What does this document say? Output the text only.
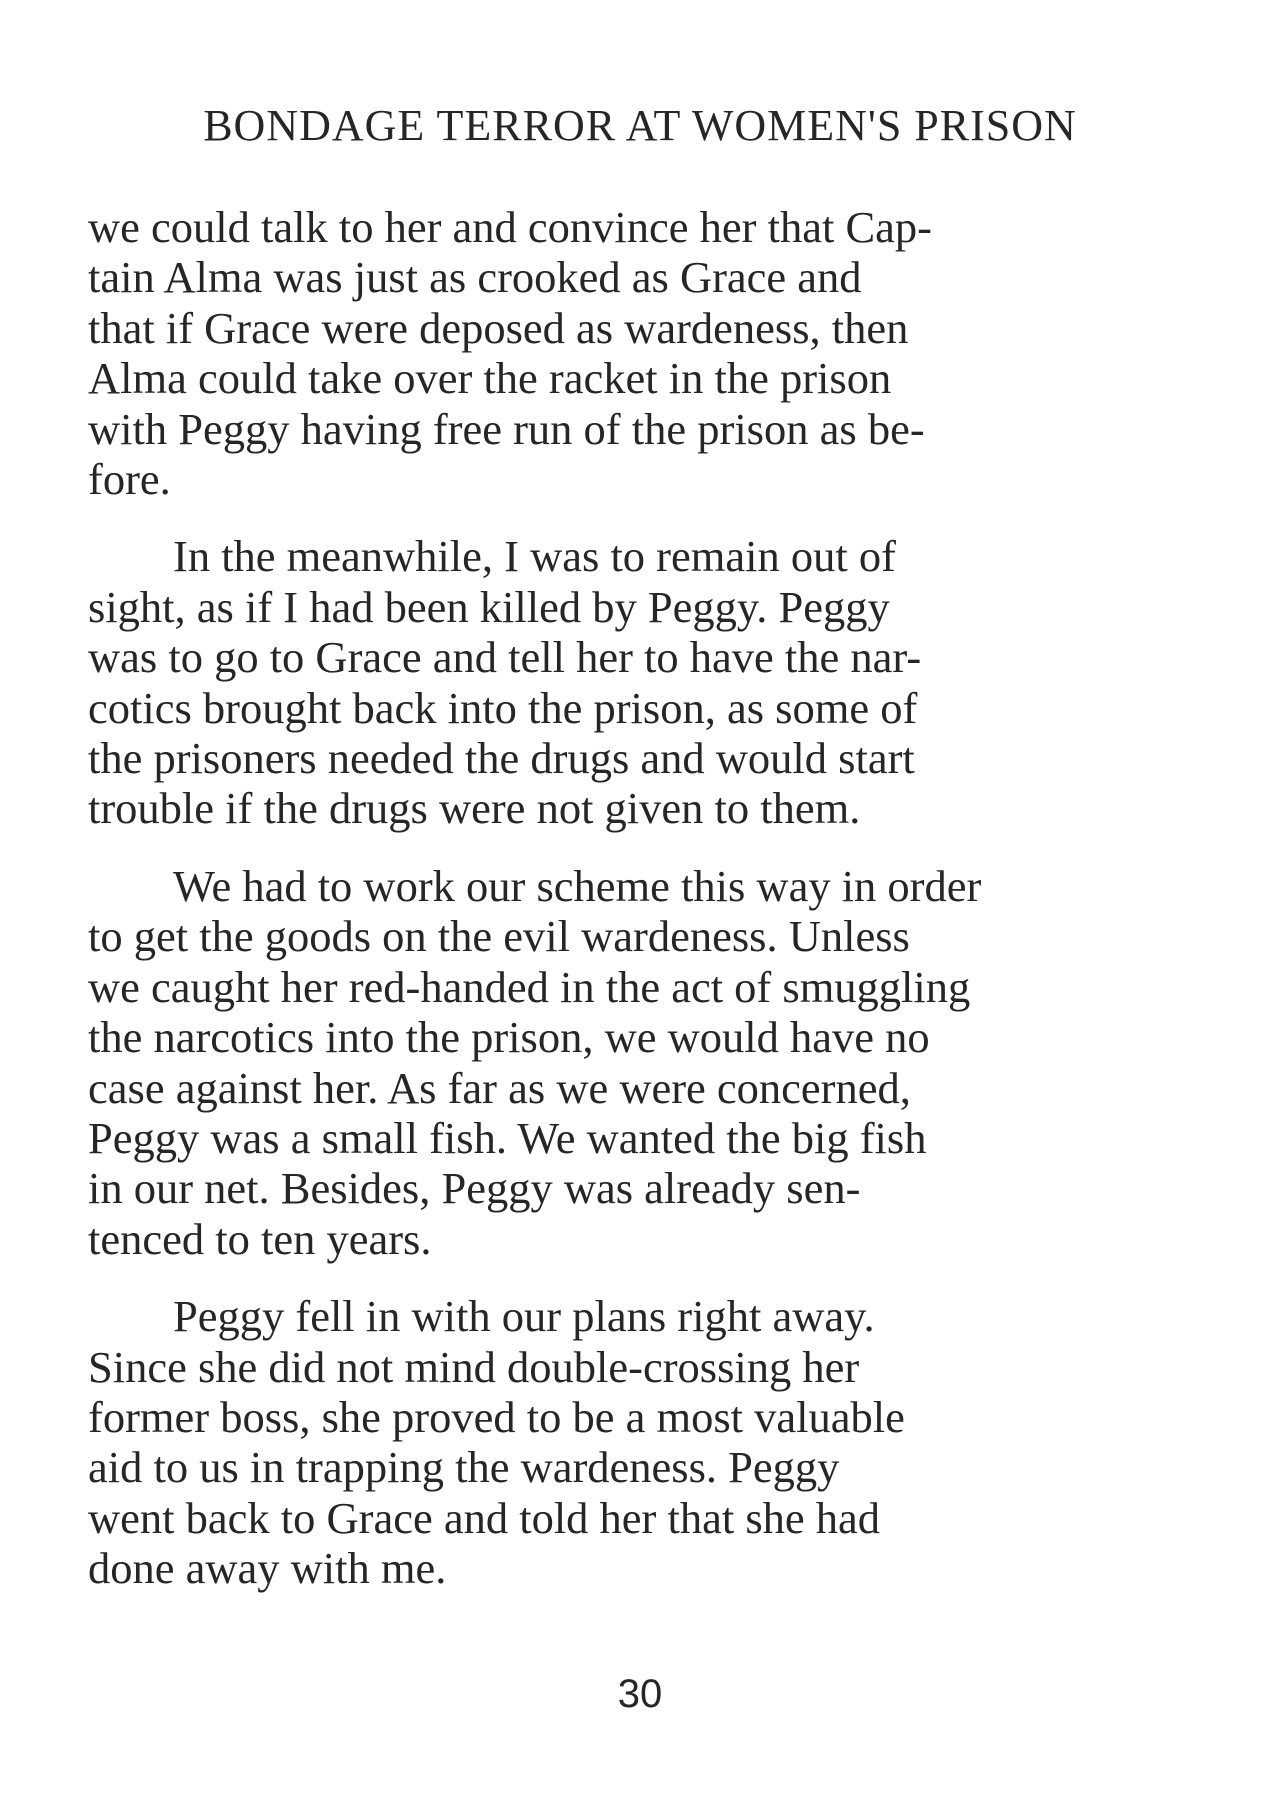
BONDAGE TERROR AT WOMEN'S PRISON

we could talk to her and convince her that Cap-
tain Alma was just as crooked as Grace and
that if Grace were deposed as wardeness, then
Alma could take over the racket in the prison
with Peggy having free run of the prison as be-
fore.

In the meanwhile, I was to remain out of
sight, as if I had been killed by Peggy. Peggy
was to go to Grace and tell her to have the nar-
cotics brought back into the prison, as some of
the prisoners needed the drugs and would start
trouble if the drugs were not given to them.

We had to work our scheme this way in order
to get the goods on the evil wardeness. Unless
we caught her red-handed in the act of smuggling
the narcotics into the prison, we would have no
case against her. As far as we were concerned,
Peggy was a small fish. We wanted the big fish
in our net. Besides, Peggy was already sen-
tenced to ten years.

Peggy fell in with our plans right away.
Since she did not mind double-crossing her
former boss, she proved to be a most valuable
aid to us in trapping the wardeness. Peggy
went back to Grace and told her that she had
done away with me.

30
